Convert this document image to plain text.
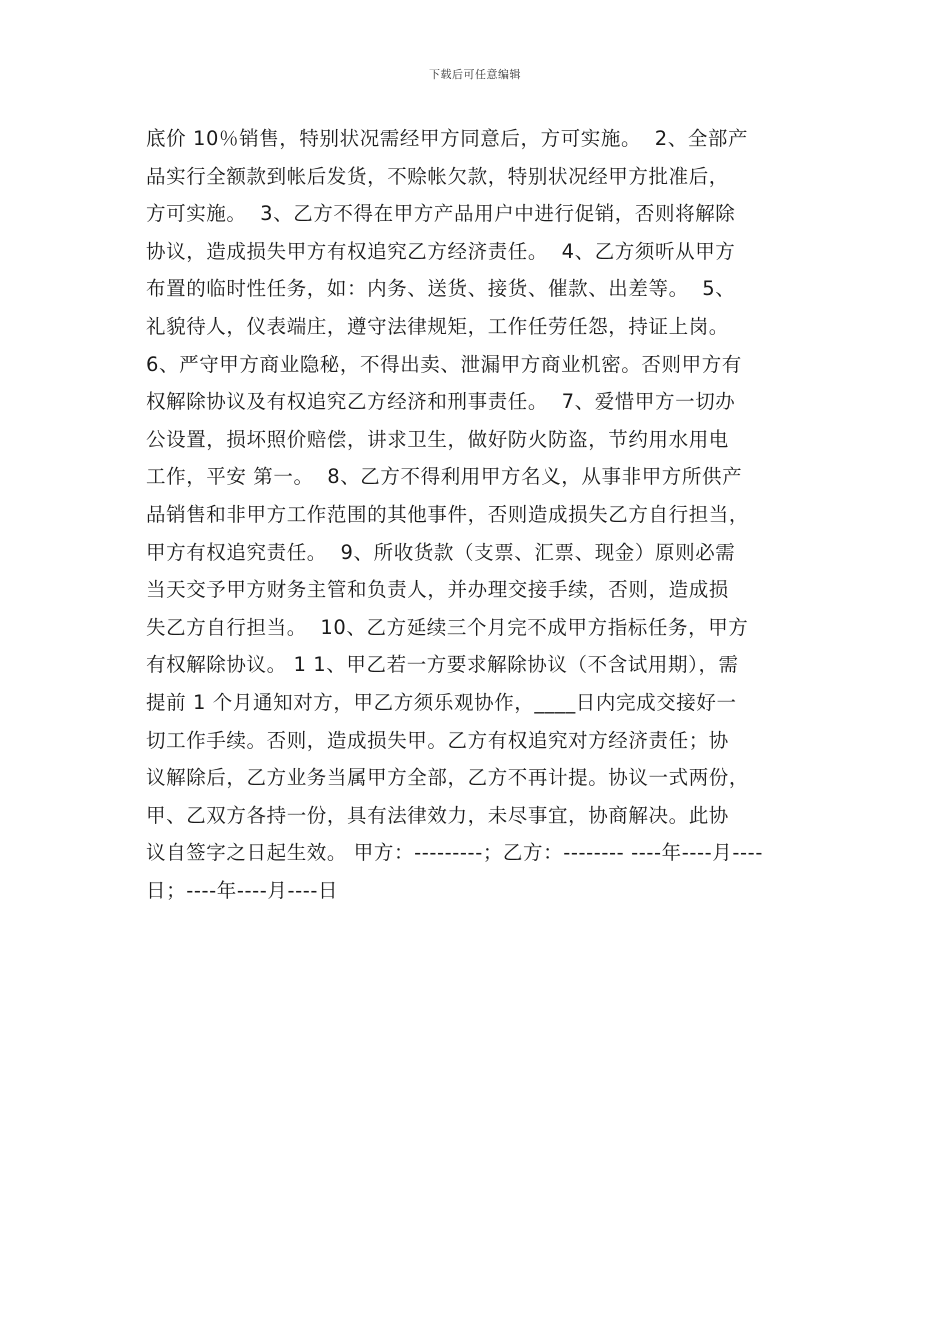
下载后可任意编辑
底价 10％销售，特别状况需经甲方同意后，方可实施。  2、全部产
品实行全额款到帐后发货，不赊帐欠款，特别状况经甲方批准后，
方可实施。  3、乙方不得在甲方产品用户中进行促销，否则将解除
协议，造成损失甲方有权追究乙方经济责任。  4、乙方须听从甲方
布置的临时性任务，如：内务、送货、接货、催款、出差等。  5、
礼貌待人，仪表端庄，遵守法律规矩，工作任劳任怨，持证上岗。
6、严守甲方商业隐秘，不得出卖、泄漏甲方商业机密。否则甲方有
权解除协议及有权追究乙方经济和刑事责任。  7、爱惜甲方一切办
公设置，损坏照价赔偿，讲求卫生，做好防火防盗，节约用水用电
工作，平安 第一。  8、乙方不得利用甲方名义，从事非甲方所供产
品销售和非甲方工作范围的其他事件，否则造成损失乙方自行担当，
甲方有权追究责任。  9、所收货款（支票、汇票、现金）原则必需
当天交予甲方财务主管和负责人，并办理交接手续，否则，造成损
失乙方自行担当。  10、乙方延续三个月完不成甲方指标任务，甲方
有权解除协议。 1 1、甲乙若一方要求解除协议（不含试用期），需
提前 1 个月通知对方，甲乙方须乐观协作，____日内完成交接好一
切工作手续。否则，造成损失甲。乙方有权追究对方经济责任；协
议解除后，乙方业务当属甲方全部，乙方不再计提。协议一式两份，
甲、乙双方各持一份，具有法律效力，未尽事宜，协商解决。此协
议自签字之日起生效。 甲方：---------；乙方：-------- ----年----月----
日；----年----月----日
